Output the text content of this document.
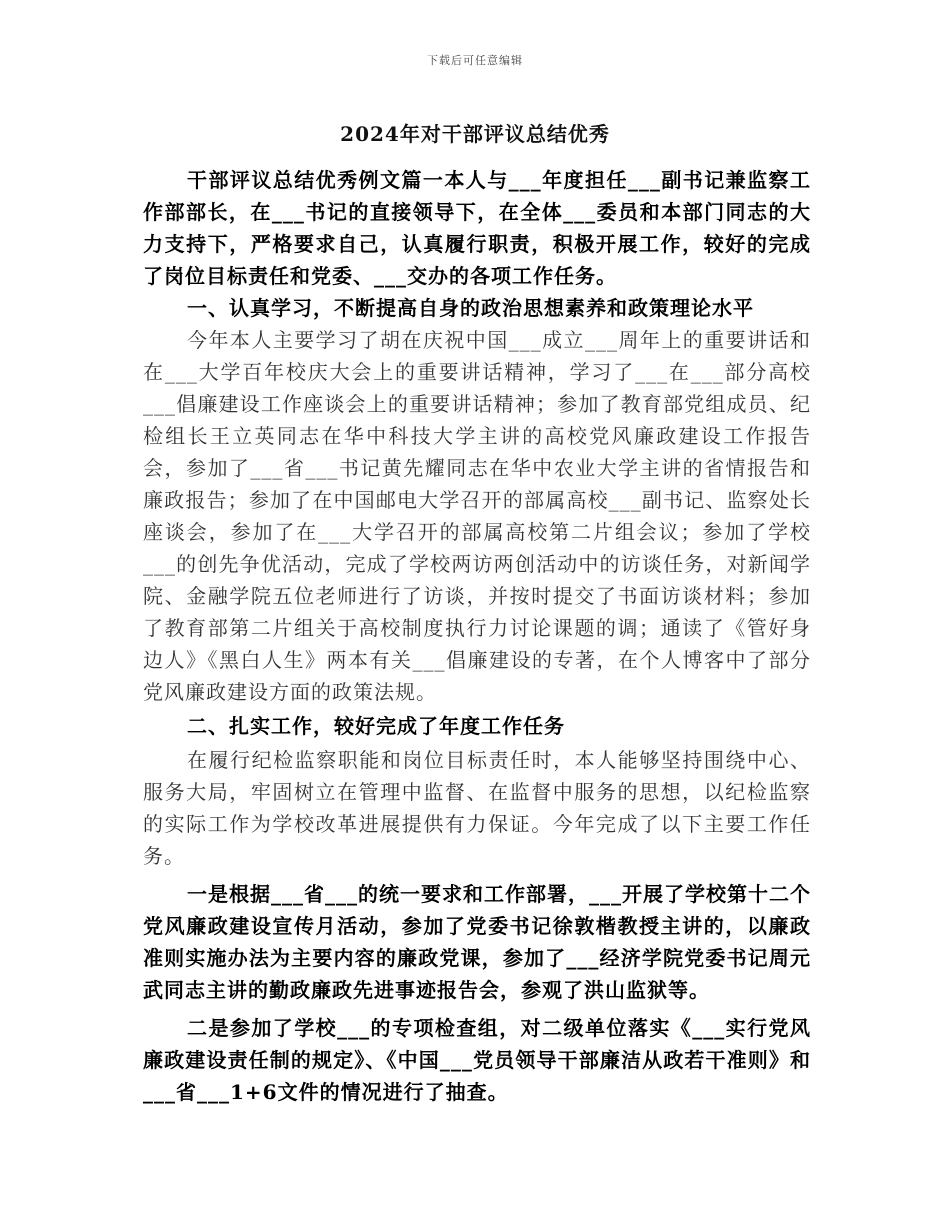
下载后可任意编辑
2024年对干部评议总结优秀

干部评议总结优秀例文篇一本人与___年度担任___副书记兼监察工作部部长，在___书记的直接领导下，在全体___委员和本部门同志的大力支持下，严格要求自己，认真履行职责，积极开展工作，较好的完成了岗位目标责任和党委、___交办的各项工作任务。

一、认真学习，不断提高自身的政治思想素养和政策理论水平

今年本人主要学习了胡在庆祝中国___成立___周年上的重要讲话和在___大学百年校庆大会上的重要讲话精神，学习了___在___部分高校___倡廉建设工作座谈会上的重要讲话精神；参加了教育部党组成员、纪检组长王立英同志在华中科技大学主讲的高校党风廉政建设工作报告会，参加了___省___书记黄先耀同志在华中农业大学主讲的省情报告和廉政报告；参加了在中国邮电大学召开的部属高校___副书记、监察处长座谈会，参加了在___大学召开的部属高校第二片组会议；参加了学校___的创先争优活动，完成了学校两访两创活动中的访谈任务，对新闻学院、金融学院五位老师进行了访谈，并按时提交了书面访谈材料；参加了教育部第二片组关于高校制度执行力讨论课题的调；通读了《管好身边人》《黑白人生》两本有关___倡廉建设的专著，在个人博客中了部分党风廉政建设方面的政策法规。

二、扎实工作，较好完成了年度工作任务

在履行纪检监察职能和岗位目标责任时，本人能够坚持围绕中心、服务大局，牢固树立在管理中监督、在监督中服务的思想，以纪检监察的实际工作为学校改革进展提供有力保证。今年完成了以下主要工作任务。

一是根据___省___的统一要求和工作部署，___开展了学校第十二个党风廉政建设宣传月活动，参加了党委书记徐敦楷教授主讲的，以廉政准则实施办法为主要内容的廉政党课，参加了___经济学院党委书记周元武同志主讲的勤政廉政先进事迹报告会，参观了洪山监狱等。

二是参加了学校___的专项检查组，对二级单位落实《___实行党风廉政建设责任制的规定》、《中国___党员领导干部廉洁从政若干准则》和___省___1+6文件的情况进行了抽查。
